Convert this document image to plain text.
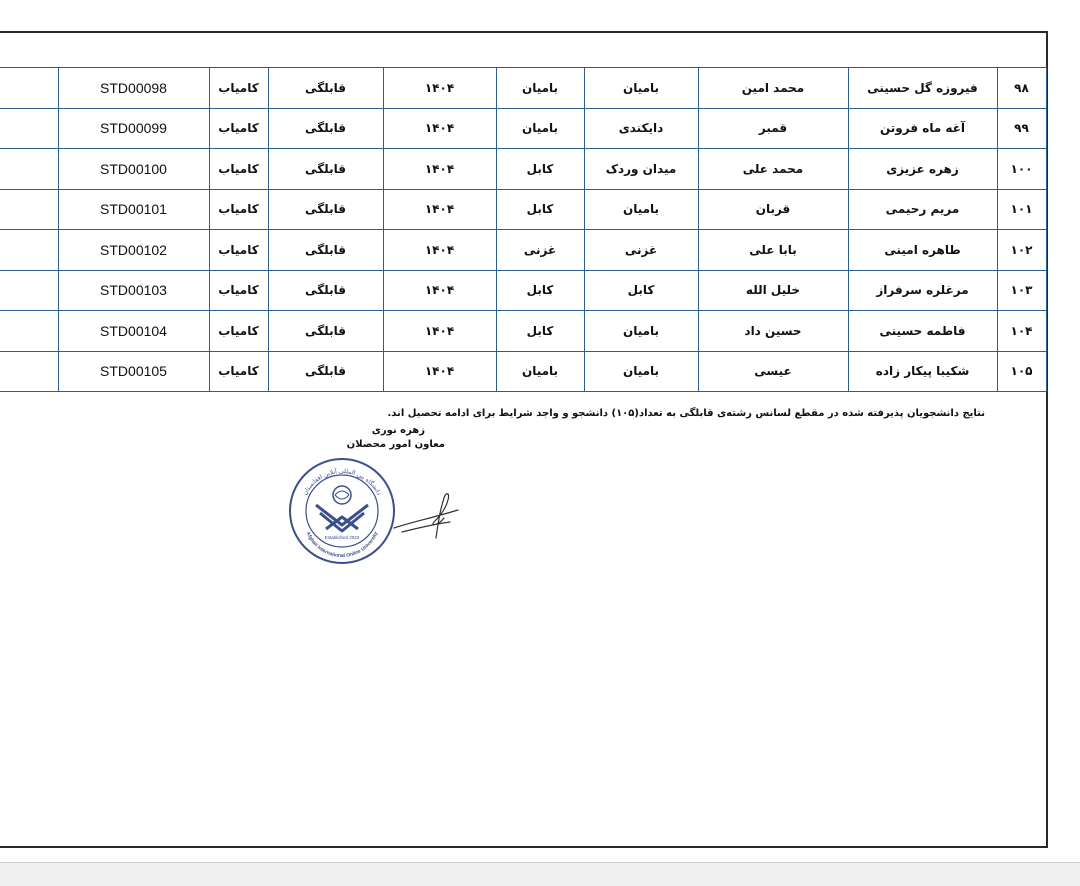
	STD00098	کامیاب	قابلگی	۱۴۰۴	بامیان	بامیان	محمد امین	فیروزه گل حسینی	۹۸
	STD00099	کامیاب	قابلگی	۱۴۰۴	بامیان	دایکندی	قمبر	آغه ماه فروتن	۹۹
	STD00100	کامیاب	قابلگی	۱۴۰۴	کابل	میدان وردک	محمد علی	زهره عزیزی	۱۰۰
	STD00101	کامیاب	قابلگی	۱۴۰۴	کابل	بامیان	قربان	مریم رحیمی	۱۰۱
	STD00102	کامیاب	قابلگی	۱۴۰۴	غزنی	غزنی	بابا علی	طاهره امینی	۱۰۲
	STD00103	کامیاب	قابلگی	۱۴۰۴	کابل	کابل	خلیل الله	مرغلره سرفراز	۱۰۳
	STD00104	کامیاب	قابلگی	۱۴۰۴	کابل	بامیان	حسین داد	فاطمه حسینی	۱۰۴
	STD00105	کامیاب	قابلگی	۱۴۰۴	بامیان	بامیان	عیسی	شکیبا پیکار زاده	۱۰۵
نتایج دانشجویان پذیرفته شده در مقطع لسانس رشته‌ی قابلگی به تعداد(۱۰۵) دانشجو و واجد شرایط برای ادامه تحصیل اند.
زهره نوری
معاون امور محصلان
دانشگاه بین المللی آنلاین افغانستان
Afghan International Online University
Established 2022
